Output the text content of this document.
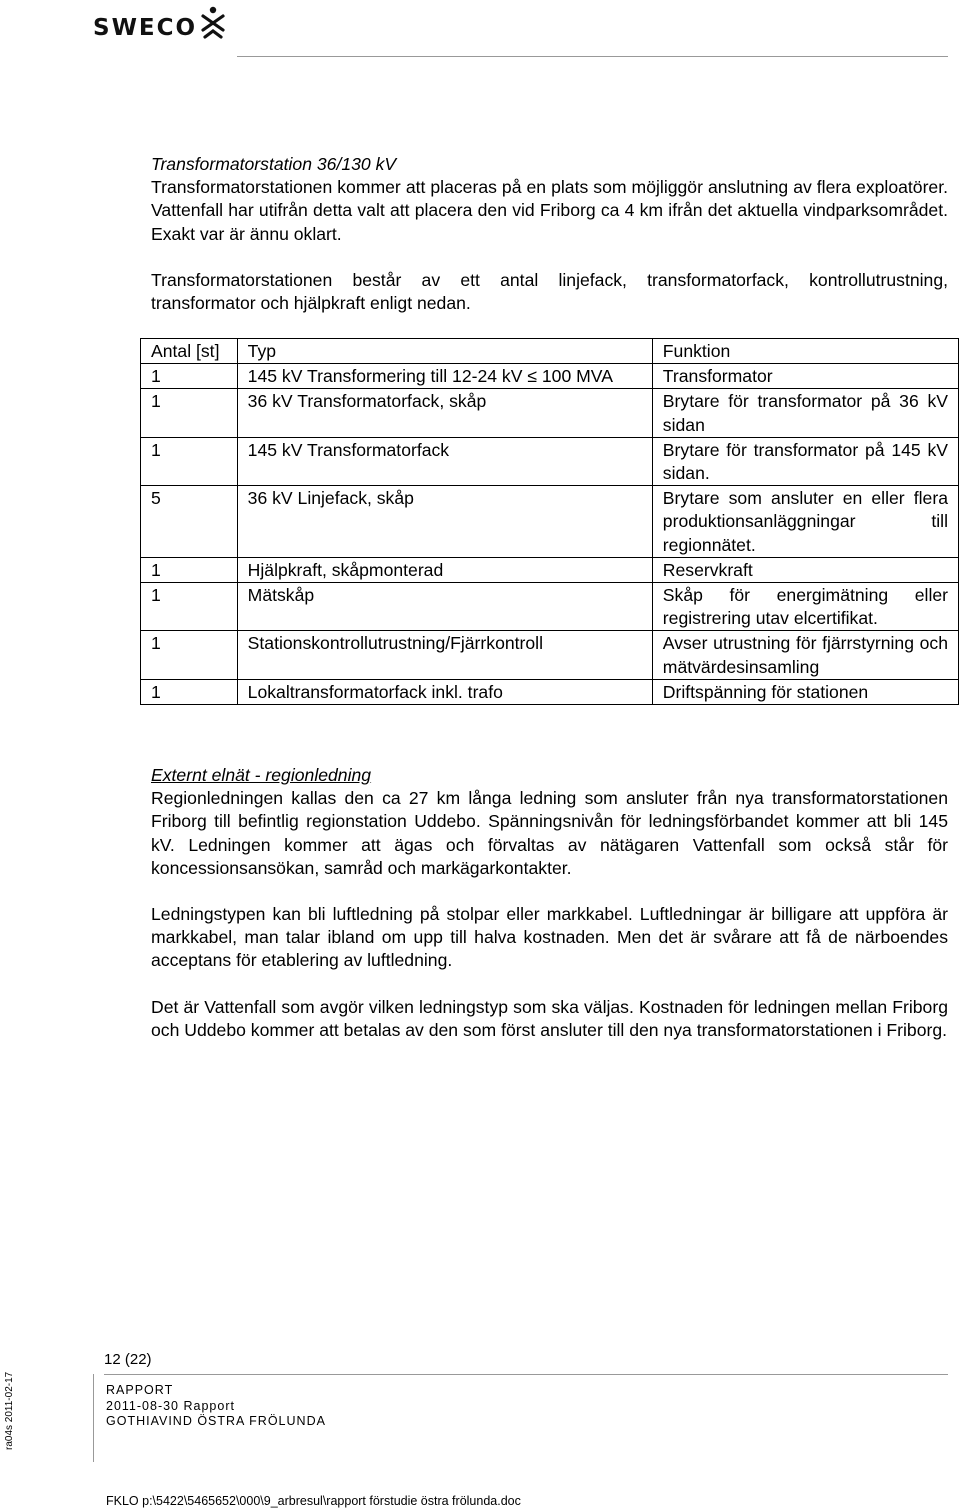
SWECO

Transformatorstation 36/130 kV

Transformatorstationen kommer att placeras på en plats som möjliggör anslutning av flera exploatörer. Vattenfall har utifrån detta valt att placera den vid Friborg ca 4 km ifrån det aktuella vindparksområdet. Exakt var är ännu oklart.

Transformatorstationen består av ett antal linjefack, transformatorfack, kontrollutrustning, transformator och hjälpkraft enligt nedan.

Antal [st]	Typ	Funktion
1	145 kV Transformering till 12-24 kV ≤ 100 MVA	Transformator
1	36 kV Transformatorfack, skåp	Brytare för transformator på 36 kV sidan
1	145 kV Transformatorfack	Brytare för transformator på 145 kV sidan.
5	36 kV Linjefack, skåp	Brytare som ansluter en eller flera produktionsanläggningar till regionnätet.
1	Hjälpkraft, skåpmonterad	Reservkraft
1	Mätskåp	Skåp för energimätning eller registrering utav elcertifikat.
1	Stationskontrollutrustning/Fjärrkontroll	Avser utrustning för fjärrstyrning och mätvärdesinsamling
1	Lokaltransformatorfack inkl. trafo	Driftspänning för stationen

Externt elnät - regionledning

Regionledningen kallas den ca 27 km långa ledning som ansluter från nya transformatorstationen Friborg till befintlig regionstation Uddebo. Spänningsnivån för ledningsförbandet kommer att bli 145 kV. Ledningen kommer att ägas och förvaltas av nätägaren Vattenfall som också står för koncessionsansökan, samråd och markägarkontakter.

Ledningstypen kan bli luftledning på stolpar eller markkabel. Luftledningar är billigare att uppföra är markkabel, man talar ibland om upp till halva kostnaden. Men det är svårare att få de närboendes acceptans för etablering av luftledning.

Det är Vattenfall som avgör vilken ledningstyp som ska väljas. Kostnaden för ledningen mellan Friborg och Uddebo kommer att betalas av den som först ansluter till den nya transformatorstationen i Friborg.

12 (22)
RAPPORT
2011-08-30 Rapport
GOTHIAVIND ÖSTRA FRÖLUNDA
ra04s 2011-02-17
FKLO p:\5422\5465652\000\9_arbresul\rapport förstudie östra frölunda.doc
